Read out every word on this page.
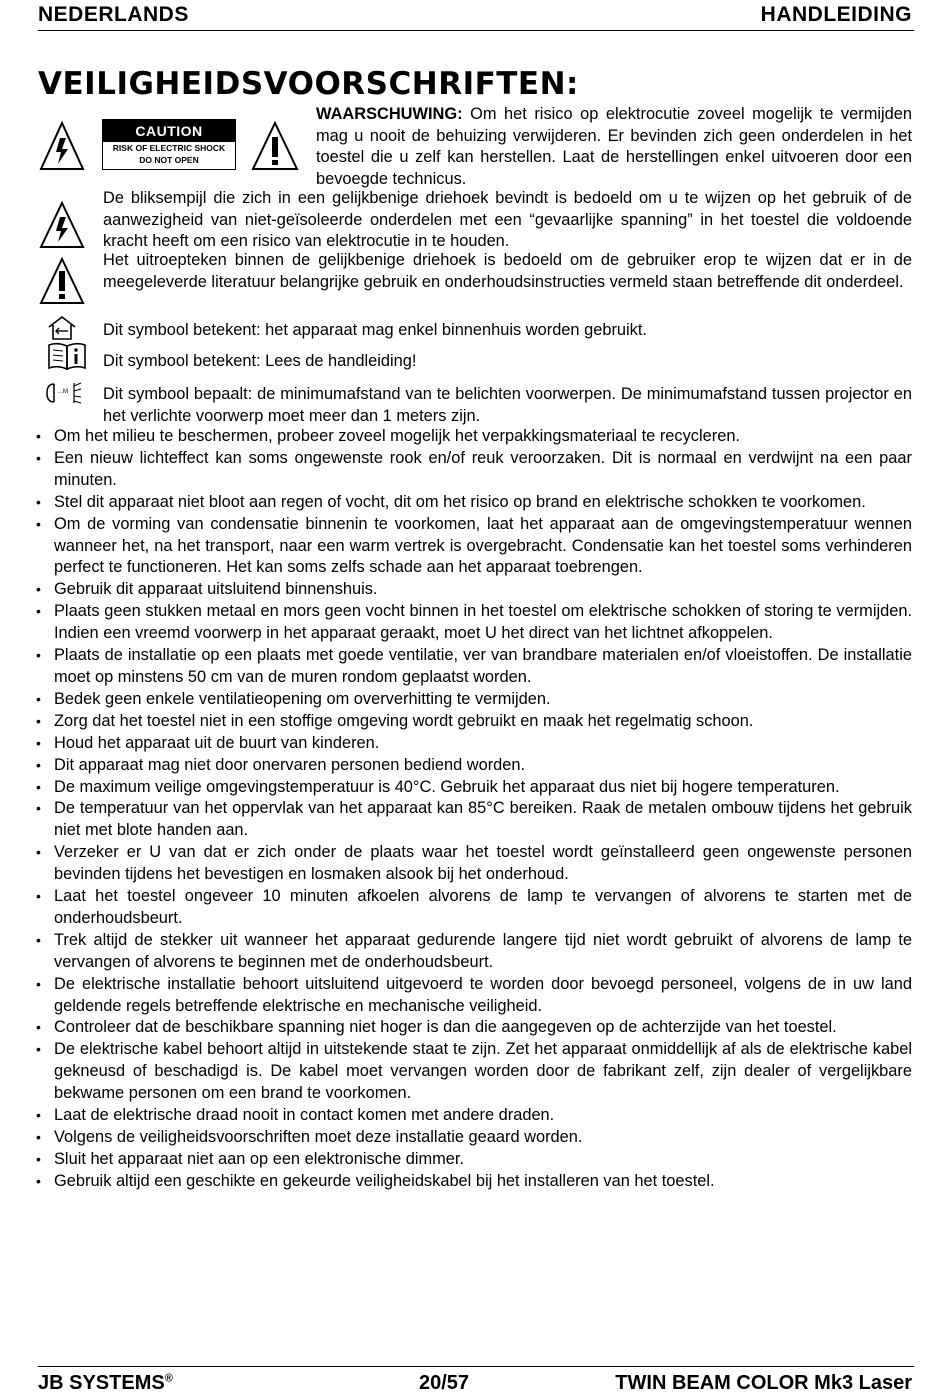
NEDERLANDS	HANDLEIDING
VEILIGHEIDSVOORSCHRIFTEN:
CAUTION
RISK OF ELECTRIC SHOCK
DO NOT OPEN
WAARSCHUWING: Om het risico op elektrocutie zoveel mogelijk te vermijden mag u nooit de behuizing verwijderen. Er bevinden zich geen onderdelen in het toestel die u zelf kan herstellen. Laat de herstellingen enkel uitvoeren door een bevoegde technicus.
De bliksempijl die zich in een gelijkbenige driehoek bevindt is bedoeld om u te wijzen op het gebruik of de aanwezigheid van niet-geïsoleerde onderdelen met een “gevaarlijke spanning” in het toestel die voldoende kracht heeft om een risico van elektrocutie in te houden.
Het uitroepteken binnen de gelijkbenige driehoek is bedoeld om de gebruiker erop te wijzen dat er in de meegeleverde literatuur belangrijke gebruik en onderhoudsinstructies vermeld staan betreffende dit onderdeel.
Dit symbool betekent: het apparaat mag enkel binnenhuis worden gebruikt.
Dit symbool betekent: Lees de handleiding!
…M Dit symbool bepaalt: de minimumafstand van te belichten voorwerpen. De minimumafstand tussen projector en het verlichte voorwerp moet meer dan 1 meters zijn.
• Om het milieu te beschermen, probeer zoveel mogelijk het verpakkingsmateriaal te recycleren.
• Een nieuw lichteffect kan soms ongewenste rook en/of reuk veroorzaken. Dit is normaal en verdwijnt na een paar minuten.
• Stel dit apparaat niet bloot aan regen of vocht, dit om het risico op brand en elektrische schokken te voorkomen.
• Om de vorming van condensatie binnenin te voorkomen, laat het apparaat aan de omgevingstemperatuur wennen wanneer het, na het transport, naar een warm vertrek is overgebracht. Condensatie kan het toestel soms verhinderen perfect te functioneren. Het kan soms zelfs schade aan het apparaat toebrengen.
• Gebruik dit apparaat uitsluitend binnenshuis.
• Plaats geen stukken metaal en mors geen vocht binnen in het toestel om elektrische schokken of storing te vermijden. Indien een vreemd voorwerp in het apparaat geraakt, moet U het direct van het lichtnet afkoppelen.
• Plaats de installatie op een plaats met goede ventilatie, ver van brandbare materialen en/of vloeistoffen. De installatie moet op minstens 50 cm van de muren rondom geplaatst worden.
• Bedek geen enkele ventilatieopening om oververhitting te vermijden.
• Zorg dat het toestel niet in een stoffige omgeving wordt gebruikt en maak het regelmatig schoon.
• Houd het apparaat uit de buurt van kinderen.
• Dit apparaat mag niet door onervaren personen bediend worden.
• De maximum veilige omgevingstemperatuur is 40°C. Gebruik het apparaat dus niet bij hogere temperaturen.
• De temperatuur van het oppervlak van het apparaat kan 85°C bereiken. Raak de metalen ombouw tijdens het gebruik niet met blote handen aan.
• Verzeker er U van dat er zich onder de plaats waar het toestel wordt geïnstalleerd geen ongewenste personen bevinden tijdens het bevestigen en losmaken alsook bij het onderhoud.
• Laat het toestel ongeveer 10 minuten afkoelen alvorens de lamp te vervangen of alvorens te starten met de onderhoudsbeurt.
• Trek altijd de stekker uit wanneer het apparaat gedurende langere tijd niet wordt gebruikt of alvorens de lamp te vervangen of alvorens te beginnen met de onderhoudsbeurt.
• De elektrische installatie behoort uitsluitend uitgevoerd te worden door bevoegd personeel, volgens de in uw land geldende regels betreffende elektrische en mechanische veiligheid.
• Controleer dat de beschikbare spanning niet hoger is dan die aangegeven op de achterzijde van het toestel.
• De elektrische kabel behoort altijd in uitstekende staat te zijn. Zet het apparaat onmiddellijk af als de elektrische kabel gekneusd of beschadigd is. De kabel moet vervangen worden door de fabrikant zelf, zijn dealer of vergelijkbare bekwame personen om een brand te voorkomen.
• Laat de elektrische draad nooit in contact komen met andere draden.
• Volgens de veiligheidsvoorschriften moet deze installatie geaard worden.
• Sluit het apparaat niet aan op een elektronische dimmer.
• Gebruik altijd een geschikte en gekeurde veiligheidskabel bij het installeren van het toestel.
JB SYSTEMS®	20/57	TWIN BEAM COLOR Mk3 Laser
